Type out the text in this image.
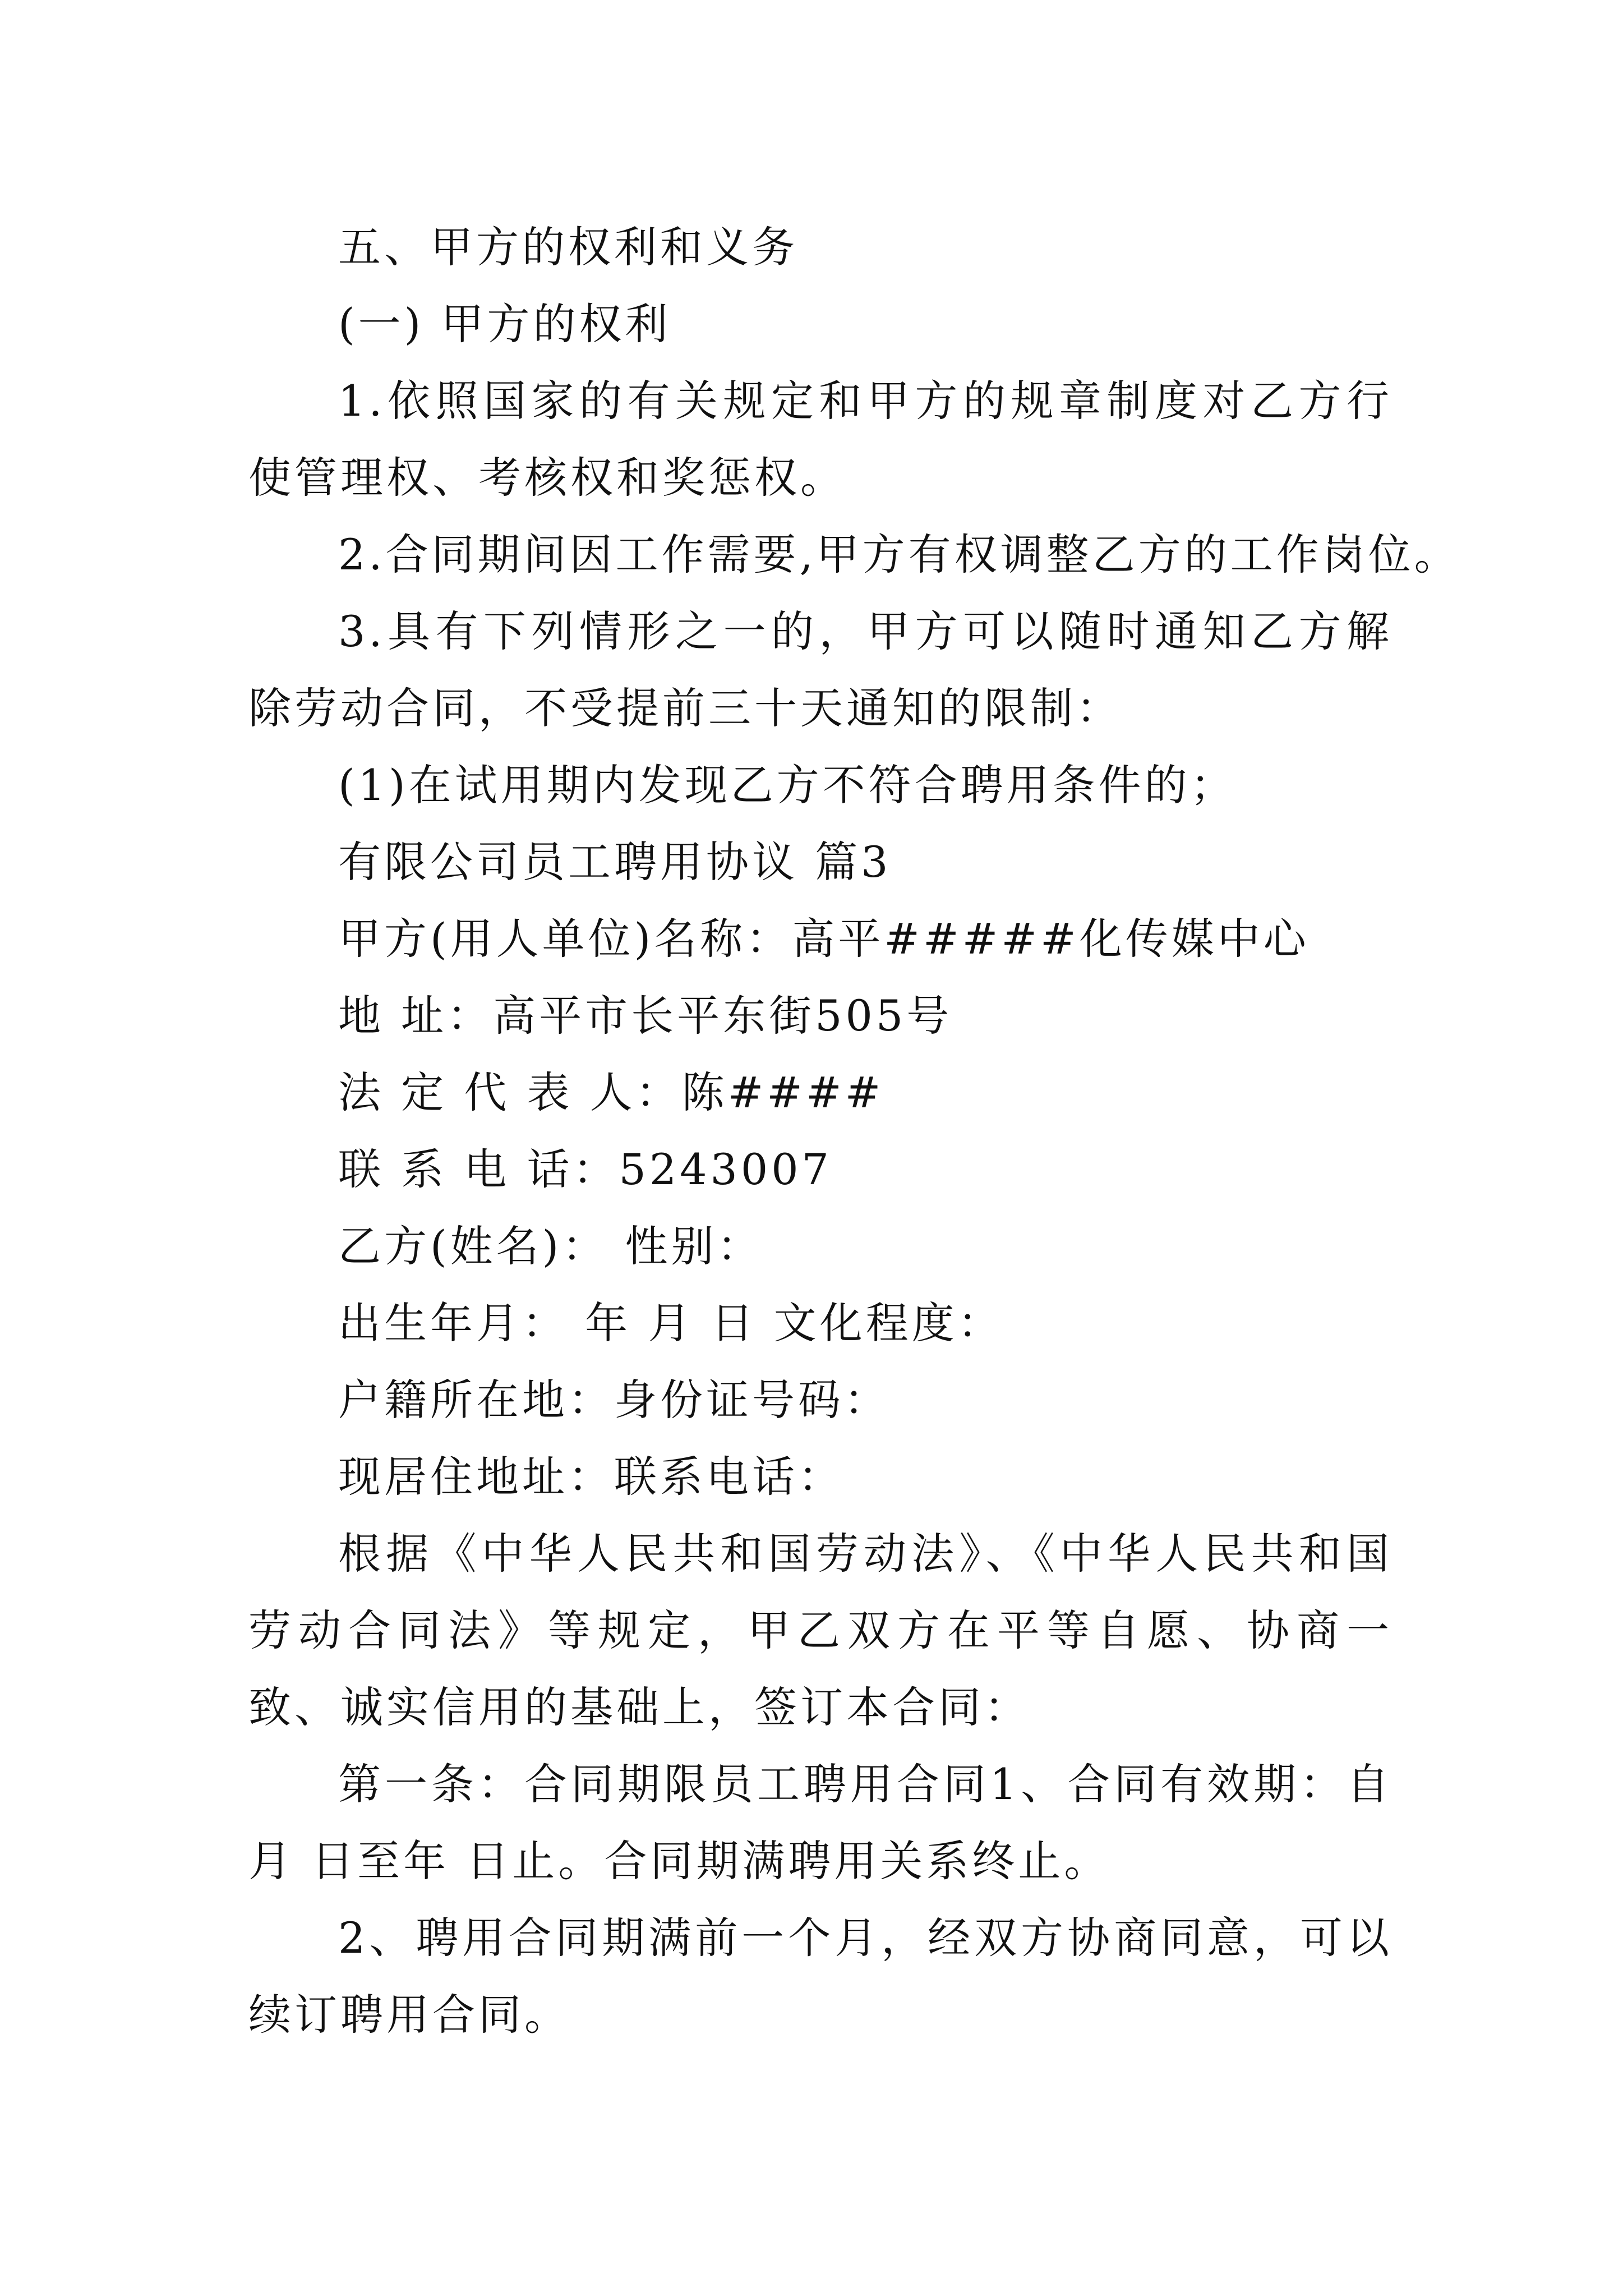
五、甲方的权利和义务

(一) 甲方的权利

1.依照国家的有关规定和甲方的规章制度对乙方行使管理权、考核权和奖惩权。

2.合同期间因工作需要,甲方有权调整乙方的工作岗位。

3.具有下列情形之一的，甲方可以随时通知乙方解除劳动合同，不受提前三十天通知的限制：

(1)在试用期内发现乙方不符合聘用条件的；

有限公司员工聘用协议 篇3

甲方(用人单位)名称：高平#####化传媒中心

地 址：高平市长平东街505号

法 定 代 表 人：陈####

联 系 电 话：5243007

乙方(姓名)： 性别：

出生年月： 年 月 日 文化程度：

户籍所在地：身份证号码：

现居住地址：联系电话：

根据《中华人民共和国劳动法》、《中华人民共和国劳动合同法》等规定，甲乙双方在平等自愿、协商一致、诚实信用的基础上，签订本合同：

第一条：合同期限员工聘用合同1、合同有效期：自 月 日至年 日止。合同期满聘用关系终止。

2、聘用合同期满前一个月，经双方协商同意，可以续订聘用合同。
